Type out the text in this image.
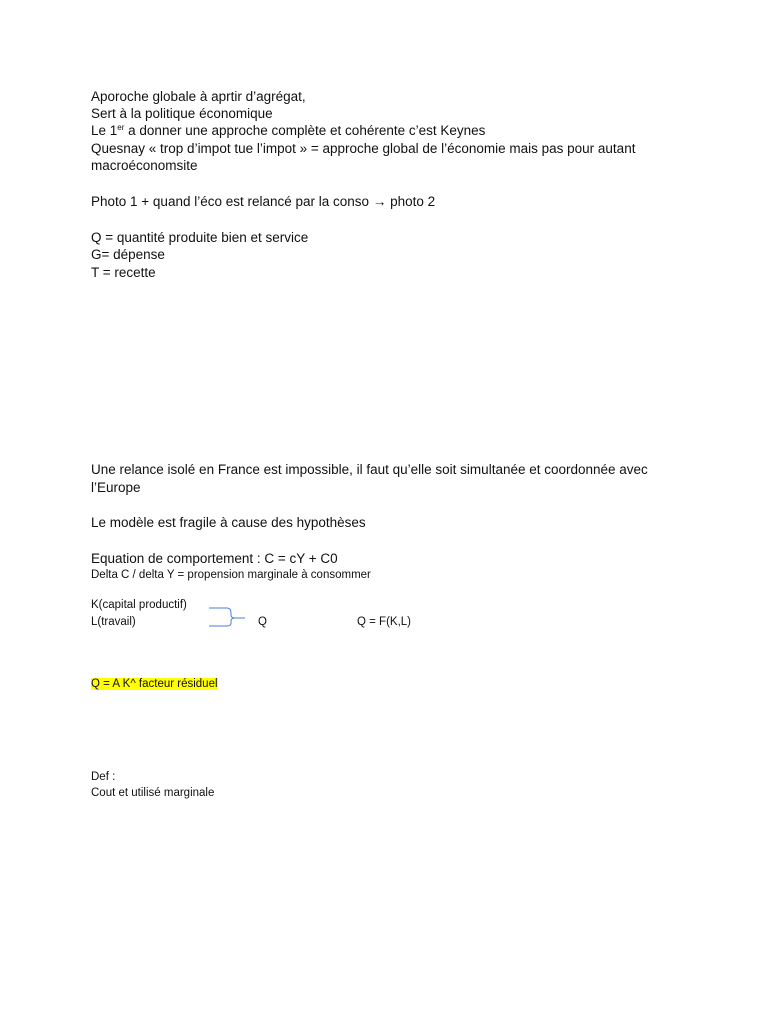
Aporoche globale à aprtir d’agrégat,
Sert à la politique économique
Le 1er a donner une approche complète et cohérente c’est Keynes
Quesnay « trop d’impot tue l’impot » = approche global de l’économie mais pas pour autant
macroéconomsite
Photo 1 + quand l’éco est relancé par la conso → photo 2
Q = quantité produite bien et service
G= dépense
T = recette
Une relance isolé en France est impossible, il faut qu’elle soit simultanée et coordonnée avec
l’Europe
Le modèle est fragile à cause des hypothèses
Equation de comportement : C = cY + C0
Delta C / delta Y = propension marginale à consommer
K(capital productif)
L(travail)	Q	Q = F(K,L)
Q = A K^ facteur résiduel
Def :
Cout et utilisé marginale
